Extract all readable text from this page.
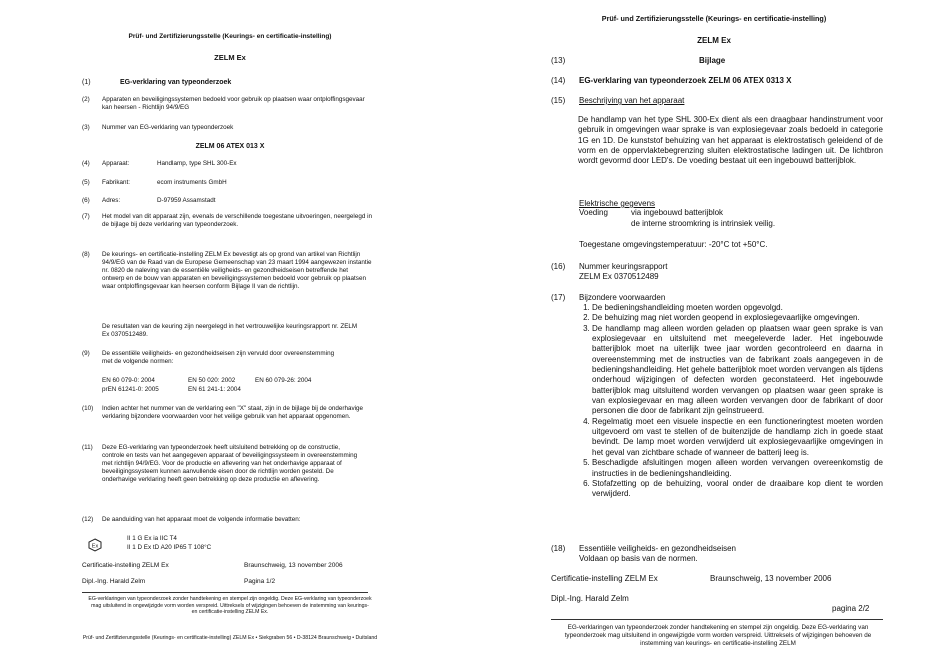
Prüf- und Zertifizierungsstelle (Keurings- en certificatie-instelling)
ZELM Ex
(1)	EG-verklaring van typeonderzoek
(2) Apparaten en beveiligingssystemen bedoeld voor gebruik op plaatsen waar ontploffingsgevaar kan heersen - Richtlijn 94/9/EG
(3) Nummer van EG-verklaring van typeonderzoek
ZELM 06 ATEX 013 X
(4) Apparaat:	Handlamp, type SHL 300-Ex
(5) Fabrikant:	ecom instruments GmbH
(6) Adres:	D-97959 Assamstadt
(7) Het model van dit apparaat zijn, evenals de verschillende toegestane uitvoeringen, neergelegd in de bijlage bij deze verklaring van typeonderzoek.
(8) De keurings- en certificatie-instelling ZELM Ex bevestigt als op grond van artikel van Richtlijn 94/9/EG van de Raad van de Europese Gemeenschap van 23 maart 1994 aangewezen instantie nr. 0820 de naleving van de essentiële veiligheids- en gezondheidseisen betreffende het ontwerp en de bouw van apparaten en beveiligingssystemen bedoeld voor gebruik op plaatsen waar ontploffingsgevaar kan heersen conform Bijlage II van de richtlijn.
De resultaten van de keuring zijn neergelegd in het vertrouwelijke keuringsrapport nr. ZELM Ex 0370512489.
(9) De essentiële veiligheids- en gezondheidseisen zijn vervuld door overeenstemming met de volgende normen:
EN 60 079-0: 2004	EN 50 020: 2002	EN 60 079-26: 2004
prEN 61241-0: 2005	EN 61 241-1: 2004
(10) Indien achter het nummer van de verklaring een "X" staat, zijn in de bijlage bij de onderhavige verklaring bijzondere voorwaarden voor het veilige gebruik van het apparaat opgenomen.
(11) Deze EG-verklaring van typeonderzoek heeft uitsluitend betrekking op de constructie, controle en tests van het aangegeven apparaat of beveiligingssysteem in overeenstemming met richtlijn 94/9/EG. Voor de productie en aflevering van het onderhavige apparaat of beveiligingssysteem kunnen aanvullende eisen door de richtlijn worden gesteld. De onderhavige verklaring heeft geen betrekking op deze productie en aflevering.
(12) De aanduiding van het apparaat moet de volgende informatie bevatten:
Ex
II 1 G Ex ia IIC T4
II 1 D Ex tD A20 IP65 T 108°C
Certificatie-instelling ZELM Ex	Braunschweig, 13 november 2006
Dipl.-Ing. Harald Zelm	Pagina 1/2
EG-verklaringen van typeonderzoek zonder handtekening en stempel zijn ongeldig. Deze EG-verklaring van typeonderzoek mag uitsluitend in ongewijzigde vorm worden verspreid. Uittreksels of wijzigingen behoeven de instemming van keurings- en certificatie-instelling ZELM Ex.
Prüf- und Zertifizierungsstelle (Keurings- en certificatie-instelling) ZELM Ex • Siekgraben 56 • D-38124 Braunschweig • Duitsland
Prüf- und Zertifizierungsstelle (Keurings- en certificatie-instelling)
ZELM Ex
(13)	Bijlage
(14) EG-verklaring van typeonderzoek ZELM 06 ATEX 0313 X
(15) Beschrijving van het apparaat
De handlamp van het type SHL 300-Ex dient als een draagbaar handinstrument voor gebruik in omgevingen waar sprake is van explosiegevaar zoals bedoeld in categorie 1G en 1D. De kunststof behuizing van het apparaat is elektrostatisch geleidend of de vorm en de oppervlaktebegrenzing sluiten elektrostatische ladingen uit. De lichtbron wordt gevormd door LED's. De voeding bestaat uit een ingebouwd batterijblok.
Elektrische gegevens
Voeding	via ingebouwd batterijblok
de interne stroomkring is intrinsiek veilig.
Toegestane omgevingstemperatuur: -20°C tot +50°C.
(16) Nummer keuringsrapport
ZELM Ex 0370512489
(17) Bijzondere voorwaarden
1. De bedieningshandleiding moeten worden opgevolgd.
2. De behuizing mag niet worden geopend in explosiegevaarlijke omgevingen.
3. De handlamp mag alleen worden geladen op plaatsen waar geen sprake is van explosiegevaar en uitsluitend met meegeleverde lader. Het ingebouwde batterijblok moet na uiterlijk twee jaar worden gecontroleerd en daarna in overeenstemming met de instructies van de fabrikant zoals aangegeven in de bedieningshandleiding. Het gehele batterijblok moet worden vervangen als tijdens onderhoud wijzigingen of defecten worden geconstateerd. Het ingebouwde batterijblok mag uitsluitend worden vervangen op plaatsen waar geen sprake is van explosiegevaar en mag alleen worden vervangen door de fabrikant of door personen die door de fabrikant zijn geïnstrueerd.
4. Regelmatig moet een visuele inspectie en een functioneringtest moeten worden uitgevoerd om vast te stellen of de buitenzijde de handlamp zich in goede staat bevindt. De lamp moet worden verwijderd uit explosiegevaarlijke omgevingen in het geval van zichtbare schade of wanneer de batterij leeg is.
5. Beschadigde afsluitingen mogen alleen worden vervangen overeenkomstig de instructies in de bedieningshandleiding.
6. Stofafzetting op de behuizing, vooral onder de draaibare kop dient te worden verwijderd.
(18) Essentiële veiligheids- en gezondheidseisen
Voldaan op basis van de normen.
Certificatie-instelling ZELM Ex	Braunschweig, 13 november 2006
Dipl.-Ing. Harald Zelm
pagina 2/2
EG-verklaringen van typeonderzoek zonder handtekening en stempel zijn ongeldig. Deze EG-verklaring van typeonderzoek mag uitsluitend in ongewijzigde vorm worden verspreid. Uittreksels of wijzigingen behoeven de instemming van keurings- en certificatie-instelling ZELM
